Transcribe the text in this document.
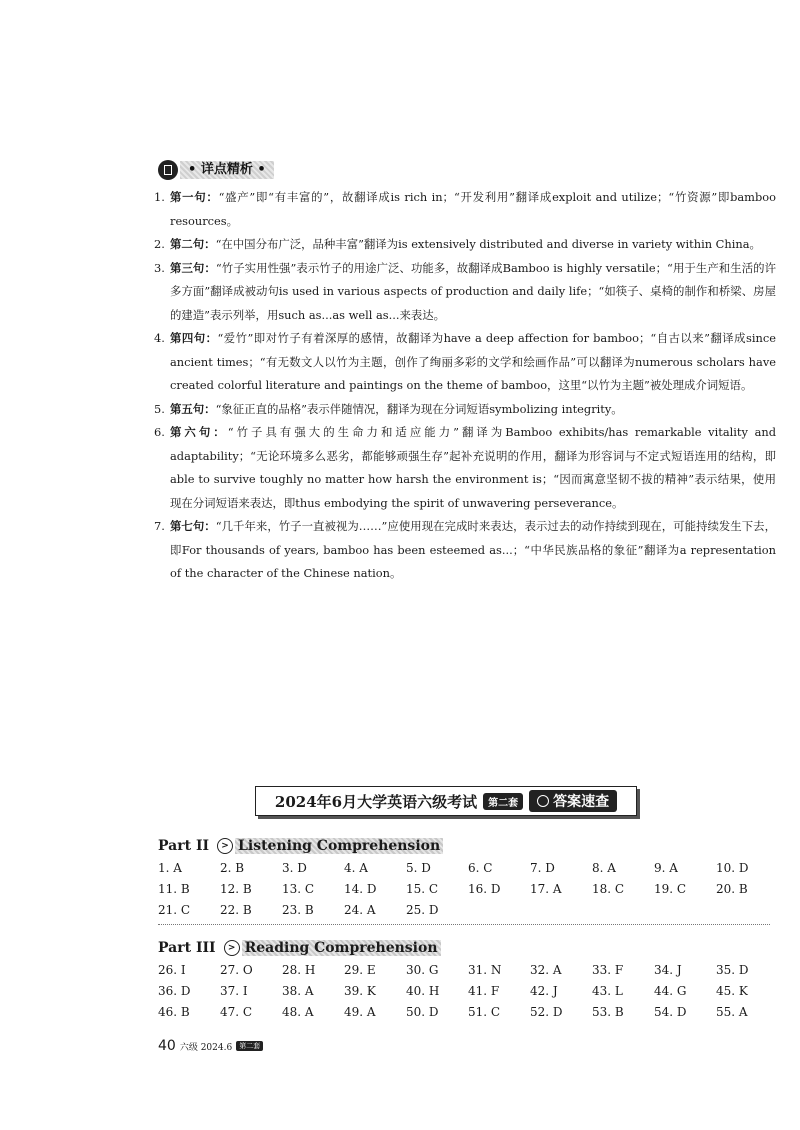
• 详点精析 •
1. 第一句：“盛产”即“有丰富的”，故翻译成is rich in；“开发利用”翻译成exploit and utilize；“竹资源”即bamboo resources。
2. 第二句：“在中国分布广泛，品种丰富”翻译为is extensively distributed and diverse in variety within China。
3. 第三句：“竹子实用性强”表示竹子的用途广泛、功能多，故翻译成Bamboo is highly versatile；“用于生产和生活的许多方面”翻译成被动句is used in various aspects of production and daily life；“如筷子、桌椅的制作和桥梁、房屋的建造”表示列举，用such as...as well as...来表达。
4. 第四句：“爱竹”即对竹子有着深厚的感情，故翻译为have a deep affection for bamboo；“自古以来”翻译成since ancient times；“有无数文人以竹为主题，创作了绚丽多彩的文学和绘画作品”可以翻译为numerous scholars have created colorful literature and paintings on the theme of bamboo，这里“以竹为主题”被处理成介词短语。
5. 第五句：“象征正直的品格”表示伴随情况，翻译为现在分词短语symbolizing integrity。
6. 第六句：“竹子具有强大的生命力和适应能力”翻译为Bamboo exhibits/has remarkable vitality and adaptability；“无论环境多么恶劣，都能够顽强生存”起补充说明的作用，翻译为形容词与不定式短语连用的结构，即able to survive toughly no matter how harsh the environment is；“因而寓意坚韧不拔的精神”表示结果，使用现在分词短语来表达，即thus embodying the spirit of unwavering perseverance。
7. 第七句：“几千年来，竹子一直被视为……”应使用现在完成时来表达，表示过去的动作持续到现在，可能持续发生下去，即For thousands of years, bamboo has been esteemed as...；“中华民族品格的象征”翻译为a representation of the character of the Chinese nation。
2024年6月大学英语六级考试	第二套	答案速查
Part II	> Listening Comprehension
1. A	2. B	3. D	4. A	5. D	6. C	7. D	8. A	9. A	10. D
11. B	12. B	13. C	14. D	15. C	16. D	17. A	18. C	19. C	20. B
21. C	22. B	23. B	24. A	25. D
Part III	> Reading Comprehension
26. I	27. O	28. H	29. E	30. G	31. N	32. A	33. F	34. J	35. D
36. D	37. I	38. A	39. K	40. H	41. F	42. J	43. L	44. G	45. K
46. B	47. C	48. A	49. A	50. D	51. C	52. D	53. B	54. D	55. A
40 六级 2024.6	第二套
